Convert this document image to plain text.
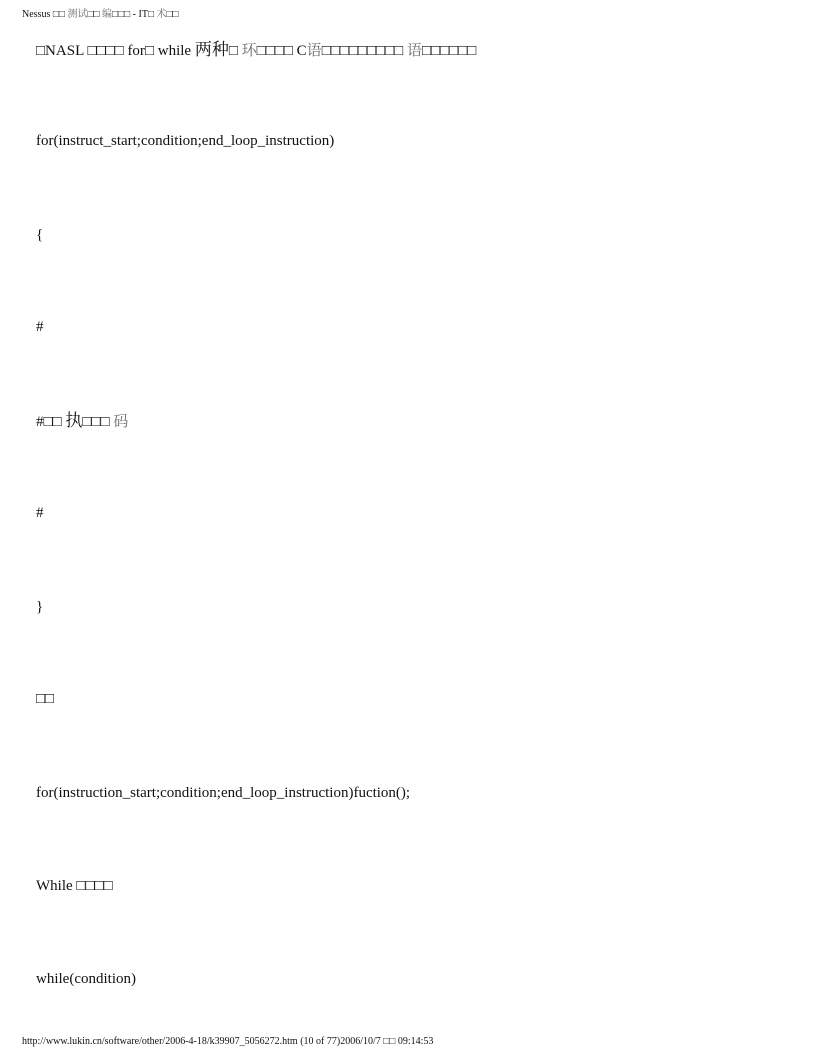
Nessus □□ 测试□□ 编□□□ - IT□ 术□□
□NASL □□□□ for□ while 两种□ 环□□□□ C语□□□□□□□□□ 语□□□□□□
for(instruct_start;condition;end_loop_instruction)
{
#
#□□ 执□□□ 码
#
}
□□
for(instruction_start;condition;end_loop_instruction)fuction();
While □□□□
while(condition)
http://www.lukin.cn/software/other/2006-4-18/k39907_5056272.htm (10 of 77)2006/10/7 □□ 09:14:53
